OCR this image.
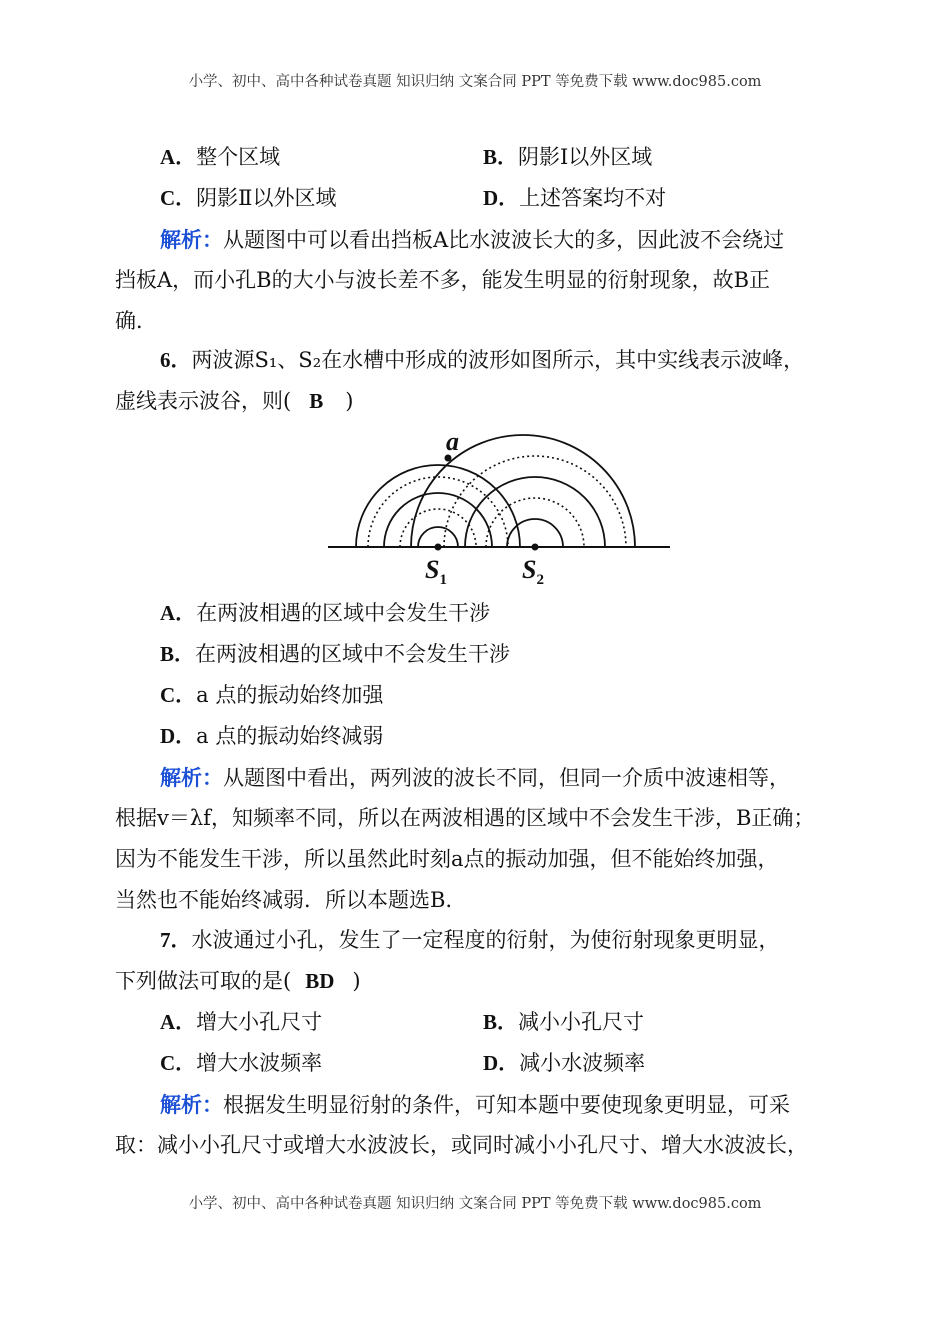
小学、初中、高中各种试卷真题 知识归纳 文案合同 PPT 等免费下载 www.doc985.com
A．整个区域	B．阴影Ⅰ以外区域
C．阴影Ⅱ以外区域	D．上述答案均不对
解析：从题图中可以看出挡板A比水波波长大的多，因此波不会绕过
挡板A，而小孔B的大小与波长差不多，能发生明显的衍射现象，故B正
确．
6．两波源S₁、S₂在水槽中形成的波形如图所示，其中实线表示波峰，
虚线表示波谷，则( B )
a
$S_1$	$S_2$
A．在两波相遇的区域中会发生干涉
B．在两波相遇的区域中不会发生干涉
C．a 点的振动始终加强
D．a 点的振动始终减弱
解析：从题图中看出，两列波的波长不同，但同一介质中波速相等，
根据v＝λf，知频率不同，所以在两波相遇的区域中不会发生干涉，B正确；
因为不能发生干涉，所以虽然此时刻a点的振动加强，但不能始终加强，
当然也不能始终减弱．所以本题选B.
7．水波通过小孔，发生了一定程度的衍射，为使衍射现象更明显，
下列做法可取的是( BD )
A．增大小孔尺寸	B．减小小孔尺寸
C．增大水波频率	D．减小水波频率
解析：根据发生明显衍射的条件，可知本题中要使现象更明显，可采
取：减小小孔尺寸或增大水波波长，或同时减小小孔尺寸、增大水波波长，
小学、初中、高中各种试卷真题 知识归纳 文案合同 PPT 等免费下载 www.doc985.com
